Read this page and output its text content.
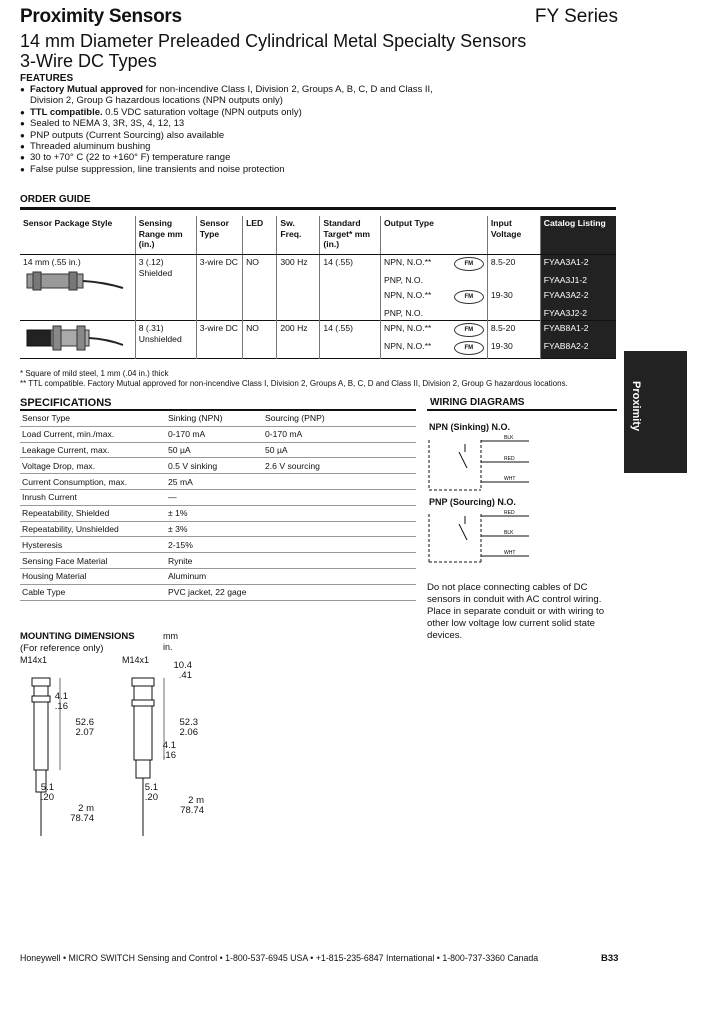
Proximity Sensors	FY Series
14 mm Diameter Preleaded Cylindrical Metal Specialty Sensors
3-Wire DC Types
FEATURES
● Factory Mutual approved for non-incendive Class I, Division 2, Groups A, B, C, D and Class II, Division 2, Group G hazardous locations (NPN outputs only)
● TTL compatible. 0.5 VDC saturation voltage (NPN outputs only)
● Sealed to NEMA 3, 3R, 3S, 4, 12, 13
● PNP outputs (Current Sourcing) also available
● Threaded aluminum bushing
● 30 to +70° C (22 to +160° F) temperature range
● False pulse suppression, line transients and noise protection
ORDER GUIDE
Sensor Package Style	Sensing Range mm (in.)	Sensor Type	LED	Sw. Freq.	Standard Target* mm (in.)	Output Type	Input Voltage	Catalog Listing

14 mm (.55 in.)	3 (.12) Shielded	3-wire DC	NO	300 Hz	14 (.55)	NPN, N.O.** FM	8.5-20	FYAA3A1-2

						PNP, N.O.		FYAA3J1-2

						NPN, N.O.** FM	19-30	FYAA3A2-2

						PNP, N.O.		FYAA3J2-2

	8 (.31) Unshielded	3-wire DC	NO	200 Hz	14 (.55)	NPN, N.O.** FM	8.5-20	FYAB8A1-2

						NPN, N.O.** FM	19-30	FYAB8A2-2
* Square of mild steel, 1 mm (.04 in.) thick
** TTL compatible. Factory Mutual approved for non-incendive Class I, Division 2, Groups A, B, C, D and Class II, Division 2, Group G hazardous locations.	Proximity
SPECIFICATIONS
Sensor Type	Sinking (NPN)	Sourcing (PNP)
Load Current, min./max.	0-170 mA	0-170 mA
Leakage Current, max.	50 µA	50 µA
Voltage Drop, max.	0.5 V sinking	2.6 V sourcing
Current Consumption, max.	25 mA	
Inrush Current	—	
Repeatability, Shielded	± 1%	
Repeatability, Unshielded	± 3%	
Hysteresis	2-15%	
Sensing Face Material	Rynite	
Housing Material	Aluminum	
Cable Type	PVC jacket, 22 gage	
WIRING DIAGRAMS
NPN (Sinking) N.O.
BLK
RED
WHT
PNP (Sourcing) N.O.
RED
BLK
WHT
Do not place connecting cables of DC sensors in conduit with AC control wiring. Place in separate conduit or with wiring to other low voltage low current solid state devices.
MOUNTING DIMENSIONS
(For reference only)
mm
in.
M14x1
4.1
.16
52.6
2.07
5.1
.20
2 m
78.74
M14x1	10.4
.41
52.3
2.06
4.1
.16
5.1
.20	2 m
78.74
Honeywell • MICRO SWITCH Sensing and Control • 1-800-537-6945 USA • +1-815-235-6847 International • 1-800-737-3360 Canada	B33
